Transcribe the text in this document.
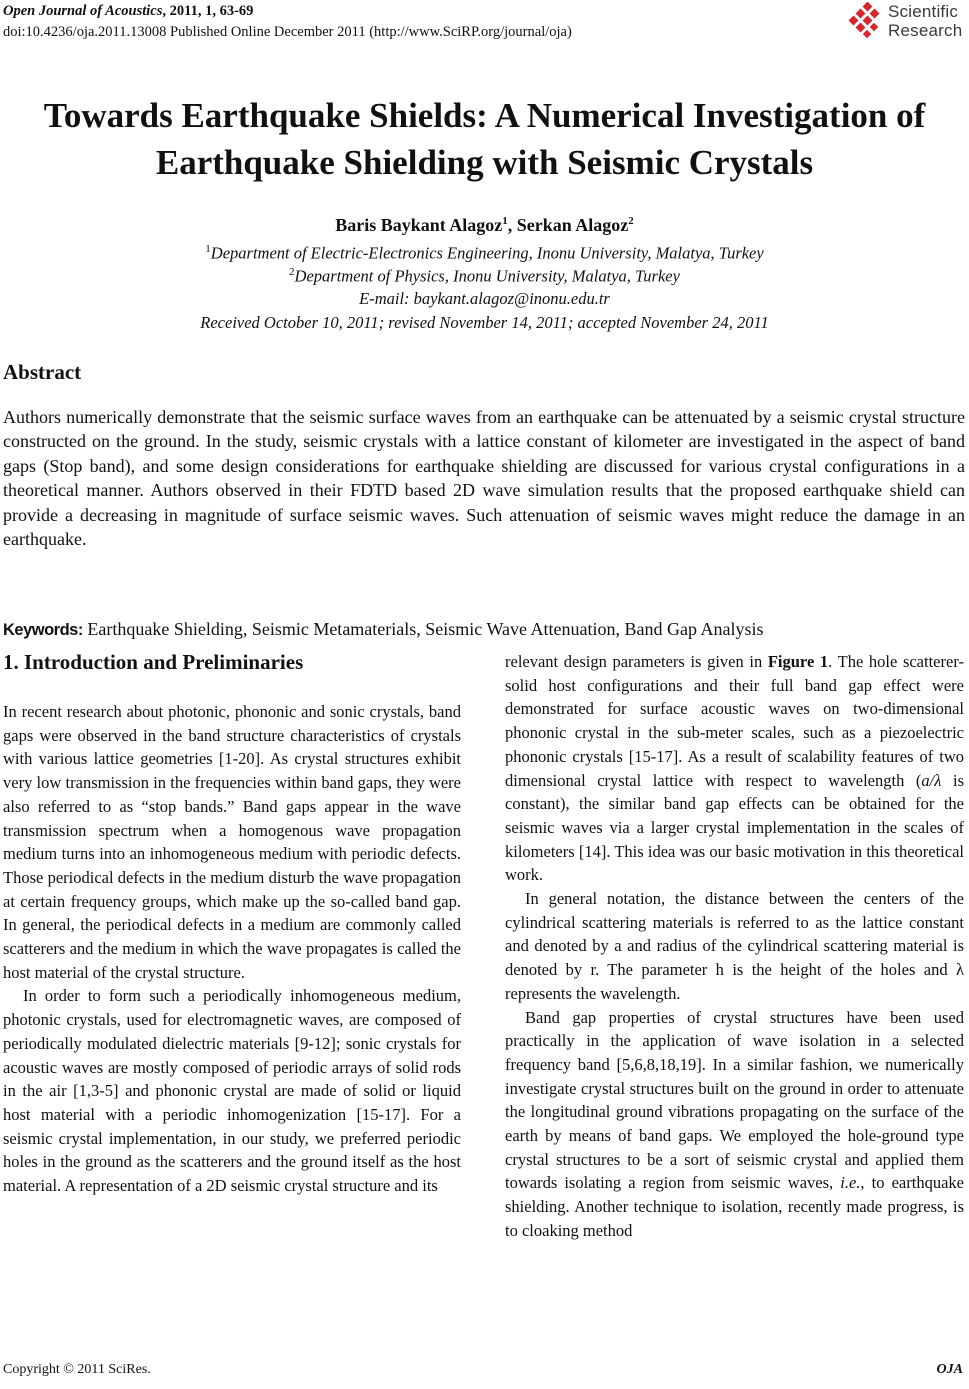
Open Journal of Acoustics, 2011, 1, 63-69
doi:10.4236/oja.2011.13008 Published Online December 2011 (http://www.SciRP.org/journal/oja)
Scientific
Research
Towards Earthquake Shields: A Numerical Investigation of
Earthquake Shielding with Seismic Crystals
Baris Baykant Alagoz$^1$, Serkan Alagoz$^2$
$^1$Department of Electric-Electronics Engineering, Inonu University, Malatya, Turkey
$^2$Department of Physics, Inonu University, Malatya, Turkey
E-mail: baykant.alagoz@inonu.edu.tr
Received October 10, 2011; revised November 14, 2011; accepted November 24, 2011
Abstract
Authors numerically demonstrate that the seismic surface waves from an earthquake can be attenuated by a seismic crystal structure constructed on the ground. In the study, seismic crystals with a lattice constant of kilometer are investigated in the aspect of band gaps (Stop band), and some design considerations for earthquake shielding are discussed for various crystal configurations in a theoretical manner. Authors observed in their FDTD based 2D wave simulation results that the proposed earthquake shield can provide a decreasing in magnitude of surface seismic waves. Such attenuation of seismic waves might reduce the damage in an earthquake.
Keywords: Earthquake Shielding, Seismic Metamaterials, Seismic Wave Attenuation, Band Gap Analysis
1. Introduction and Preliminaries

In recent research about photonic, phononic and sonic crystals, band gaps were observed in the band structure characteristics of crystals with various lattice geometries [1-20]. As crystal structures exhibit very low transmission in the frequencies within band gaps, they were also referred to as “stop bands.” Band gaps appear in the wave transmission spectrum when a homogenous wave propagation medium turns into an inhomogeneous medium with periodic defects. Those periodical defects in the medium disturb the wave propagation at certain frequency groups, which make up the so-called band gap. In general, the periodical defects in a medium are commonly called scatterers and the medium in which the wave propagates is called the host material of the crystal structure.

In order to form such a periodically inhomogeneous medium, photonic crystals, used for electromagnetic waves, are composed of periodically modulated dielectric materials [9-12]; sonic crystals for acoustic waves are mostly composed of periodic arrays of solid rods in the air [1,3-5] and phononic crystal are made of solid or liquid host material with a periodic inhomogenization [15-17]. For a seismic crystal implementation, in our study, we preferred periodic holes in the ground as the scatterers and the ground itself as the host material. A representation of a 2D seismic crystal structure and its

relevant design parameters is given in Figure 1. The hole scatterer-solid host configurations and their full band gap effect were demonstrated for surface acoustic waves on two-dimensional phononic crystal in the sub-meter scales, such as a piezoelectric phononic crystals [15-17]. As a result of scalability features of two dimensional crystal lattice with respect to wavelength (a/λ is constant), the similar band gap effects can be obtained for the seismic waves via a larger crystal implementation in the scales of kilometers [14]. This idea was our basic motivation in this theoretical work.

In general notation, the distance between the centers of the cylindrical scattering materials is referred to as the lattice constant and denoted by a and radius of the cylindrical scattering material is denoted by r. The parameter h is the height of the holes and λ represents the wavelength.

Band gap properties of crystal structures have been used practically in the application of wave isolation in a selected frequency band [5,6,8,18,19]. In a similar fashion, we numerically investigate crystal structures built on the ground in order to attenuate the longitudinal ground vibrations propagating on the surface of the earth by means of band gaps. We employed the hole-ground type crystal structures to be a sort of seismic crystal and applied them towards isolating a region from seismic waves, i.e., to earthquake shielding. Another technique to isolation, recently made progress, is to cloaking method

Copyright © 2011 SciRes.	OJA
